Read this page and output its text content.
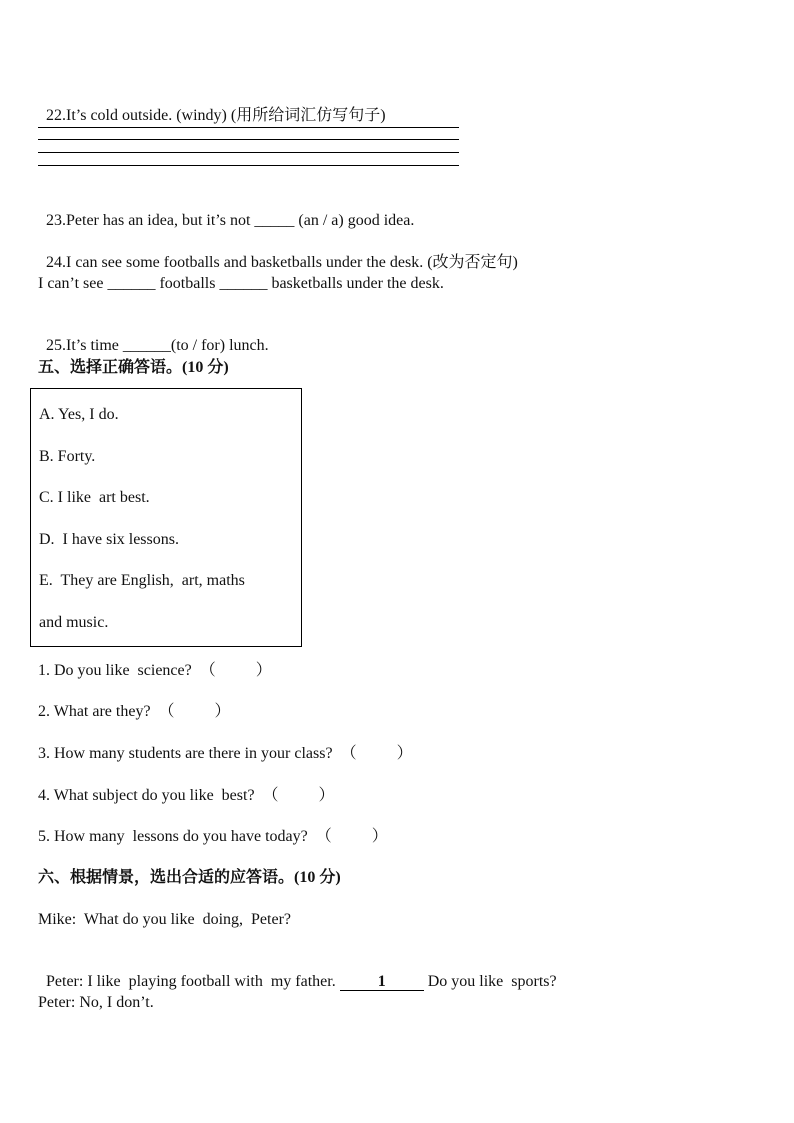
22.It’s cold outside. (windy) (用所给词汇仿写句子)

23.Peter has an idea, but it’s not _____ (an / a) good idea.

24.I can see some footballs and basketballs under the desk. (改为否定句)

I can’t see ______ footballs ______ basketballs under the desk.

25.It’s time ______(to / for) lunch.

五、选择正确答语。(10 分)
A. Yes, I do.
B. Forty.
C. I like  art best.
D.  I have six lessons.
E.  They are English,  art, maths
and music.
1. Do you like  science?  （          ）
2. What are they?  （          ）
3. How many students are there in your class?  （          ）
4. What subject do you like  best?  （          ）
5. How many  lessons do you have today?  （          ）
六、根据情景，选出合适的应答语。(10 分)
Mike:  What do you like  doing,  Peter?

Peter: I like  playing football with  my father. 1 Do you like  sports?

Peter: No, I don’t.
